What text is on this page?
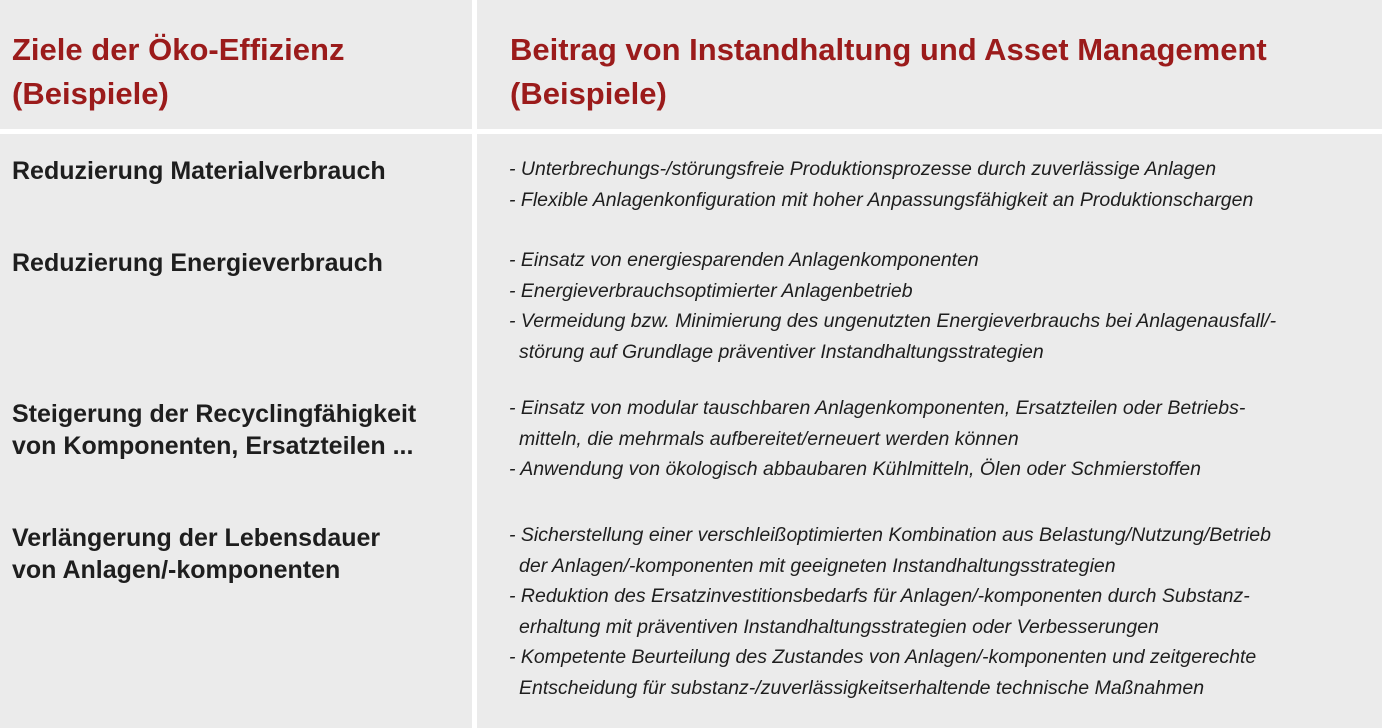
Ziele der Öko-Effizienz
(Beispiele)
Beitrag von Instandhaltung und Asset Management
(Beispiele)
Reduzierung Materialverbrauch	- Unterbrechungs-/störungsfreie Produktionsprozesse durch zuverlässige Anlagen
- Flexible Anlagenkonfiguration mit hoher Anpassungsfähigkeit an Produktionschargen
Reduzierung Energieverbrauch	- Einsatz von energiesparenden Anlagenkomponenten
- Energieverbrauchsoptimierter Anlagenbetrieb
- Vermeidung bzw. Minimierung des ungenutzten Energieverbrauchs bei Anlagenausfall/-
störung auf Grundlage präventiver Instandhaltungsstrategien
Steigerung der Recyclingfähigkeit
von Komponenten, Ersatzteilen ...
- Einsatz von modular tauschbaren Anlagenkomponenten, Ersatzteilen oder Betriebs-
mitteln, die mehrmals aufbereitet/erneuert werden können
- Anwendung von ökologisch abbaubaren Kühlmitteln, Ölen oder Schmierstoffen
Verlängerung der Lebensdauer
von Anlagen/-komponenten
- Sicherstellung einer verschleißoptimierten Kombination aus Belastung/Nutzung/Betrieb
der Anlagen/-komponenten mit geeigneten Instandhaltungsstrategien
- Reduktion des Ersatzinvestitionsbedarfs für Anlagen/-komponenten durch Substanz-
erhaltung mit präventiven Instandhaltungsstrategien oder Verbesserungen
- Kompetente Beurteilung des Zustandes von Anlagen/-komponenten und zeitgerechte
Entscheidung für substanz-/zuverlässigkeitserhaltende technische Maßnahmen
